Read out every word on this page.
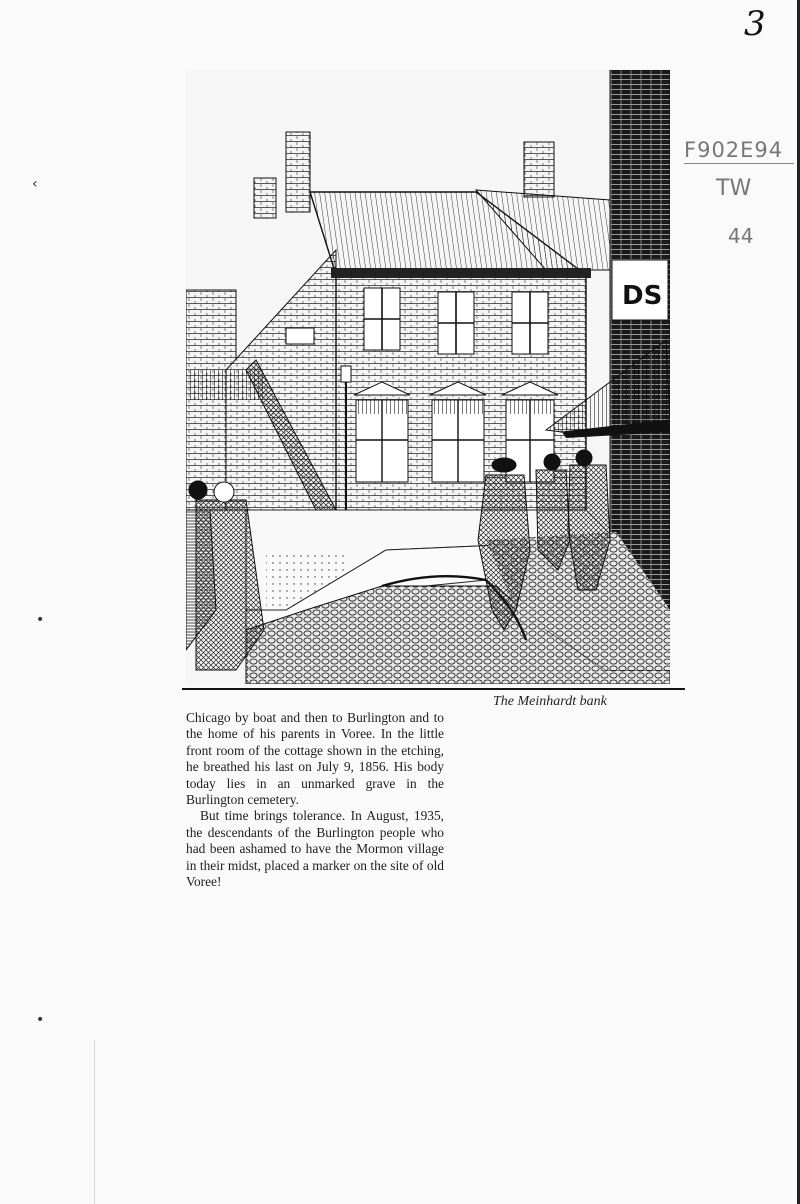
3
F902E94
TW
44
‹
•
•
DS
The Meinhardt bank

Chicago by boat and then to Burlington and to the home of his parents in Voree. In the little front room of the cottage shown in the etching, he breathed his last on July 9, 1856. His body today lies in an unmarked grave in the Burlington cemetery.

But time brings tolerance. In August, 1935, the descendants of the Burlington people who had been ashamed to have the Mormon village in their midst, placed a marker on the site of old Voree!
